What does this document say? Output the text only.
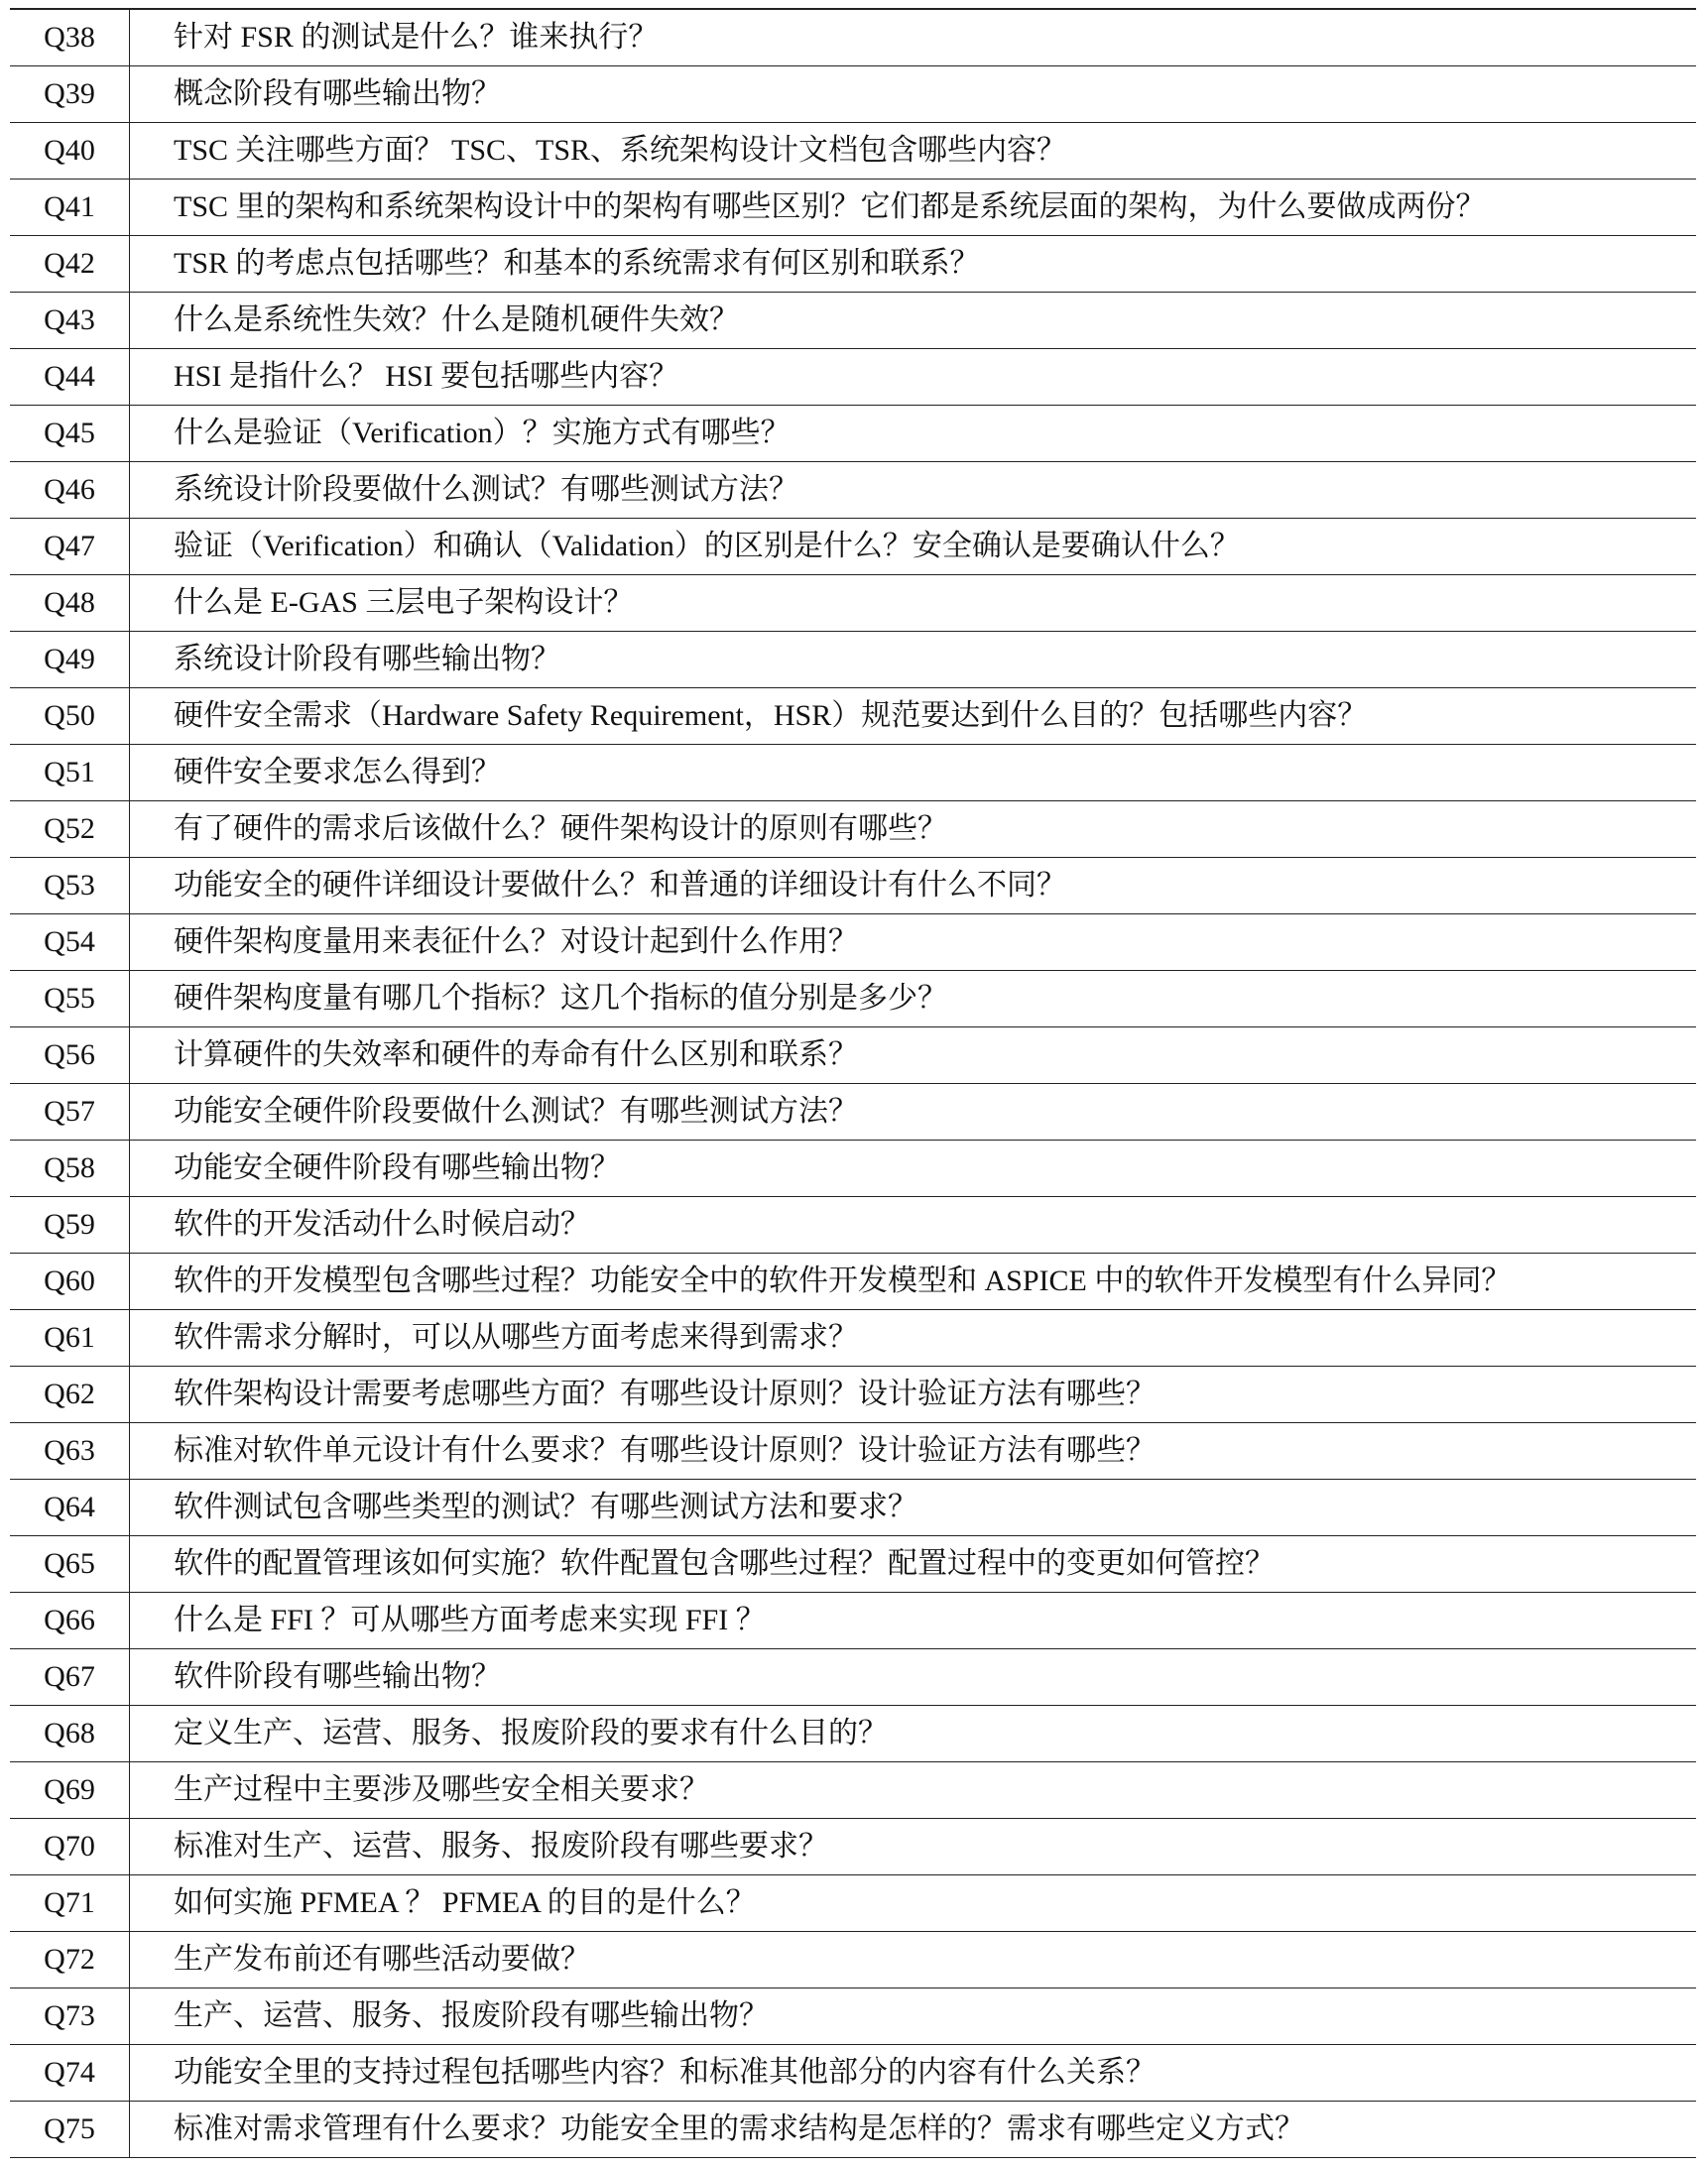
Q38	针对 FSR 的测试是什么？谁来执行？
Q39	概念阶段有哪些输出物？
Q40	TSC 关注哪些方面？ TSC、TSR、系统架构设计文档包含哪些内容？
Q41	TSC 里的架构和系统架构设计中的架构有哪些区别？它们都是系统层面的架构，为什么要做成两份？
Q42	TSR 的考虑点包括哪些？和基本的系统需求有何区别和联系？
Q43	什么是系统性失效？什么是随机硬件失效？
Q44	HSI 是指什么？ HSI 要包括哪些内容？
Q45	什么是验证（Verification）？实施方式有哪些？
Q46	系统设计阶段要做什么测试？有哪些测试方法？
Q47	验证（Verification）和确认（Validation）的区别是什么？安全确认是要确认什么？
Q48	什么是 E-GAS 三层电子架构设计？
Q49	系统设计阶段有哪些输出物？
Q50	硬件安全需求（Hardware Safety Requirement，HSR）规范要达到什么目的？包括哪些内容？
Q51	硬件安全要求怎么得到？
Q52	有了硬件的需求后该做什么？硬件架构设计的原则有哪些？
Q53	功能安全的硬件详细设计要做什么？和普通的详细设计有什么不同？
Q54	硬件架构度量用来表征什么？对设计起到什么作用？
Q55	硬件架构度量有哪几个指标？这几个指标的值分别是多少？
Q56	计算硬件的失效率和硬件的寿命有什么区别和联系？
Q57	功能安全硬件阶段要做什么测试？有哪些测试方法？
Q58	功能安全硬件阶段有哪些输出物？
Q59	软件的开发活动什么时候启动？
Q60	软件的开发模型包含哪些过程？功能安全中的软件开发模型和 ASPICE 中的软件开发模型有什么异同？
Q61	软件需求分解时，可以从哪些方面考虑来得到需求？
Q62	软件架构设计需要考虑哪些方面？有哪些设计原则？设计验证方法有哪些？
Q63	标准对软件单元设计有什么要求？有哪些设计原则？设计验证方法有哪些？
Q64	软件测试包含哪些类型的测试？有哪些测试方法和要求？
Q65	软件的配置管理该如何实施？软件配置包含哪些过程？配置过程中的变更如何管控？
Q66	什么是 FFI ？可从哪些方面考虑来实现 FFI ？
Q67	软件阶段有哪些输出物？
Q68	定义生产、运营、服务、报废阶段的要求有什么目的？
Q69	生产过程中主要涉及哪些安全相关要求？
Q70	标准对生产、运营、服务、报废阶段有哪些要求？
Q71	如何实施 PFMEA ？ PFMEA 的目的是什么？
Q72	生产发布前还有哪些活动要做？
Q73	生产、运营、服务、报废阶段有哪些输出物？
Q74	功能安全里的支持过程包括哪些内容？和标准其他部分的内容有什么关系？
Q75	标准对需求管理有什么要求？功能安全里的需求结构是怎样的？需求有哪些定义方式？
